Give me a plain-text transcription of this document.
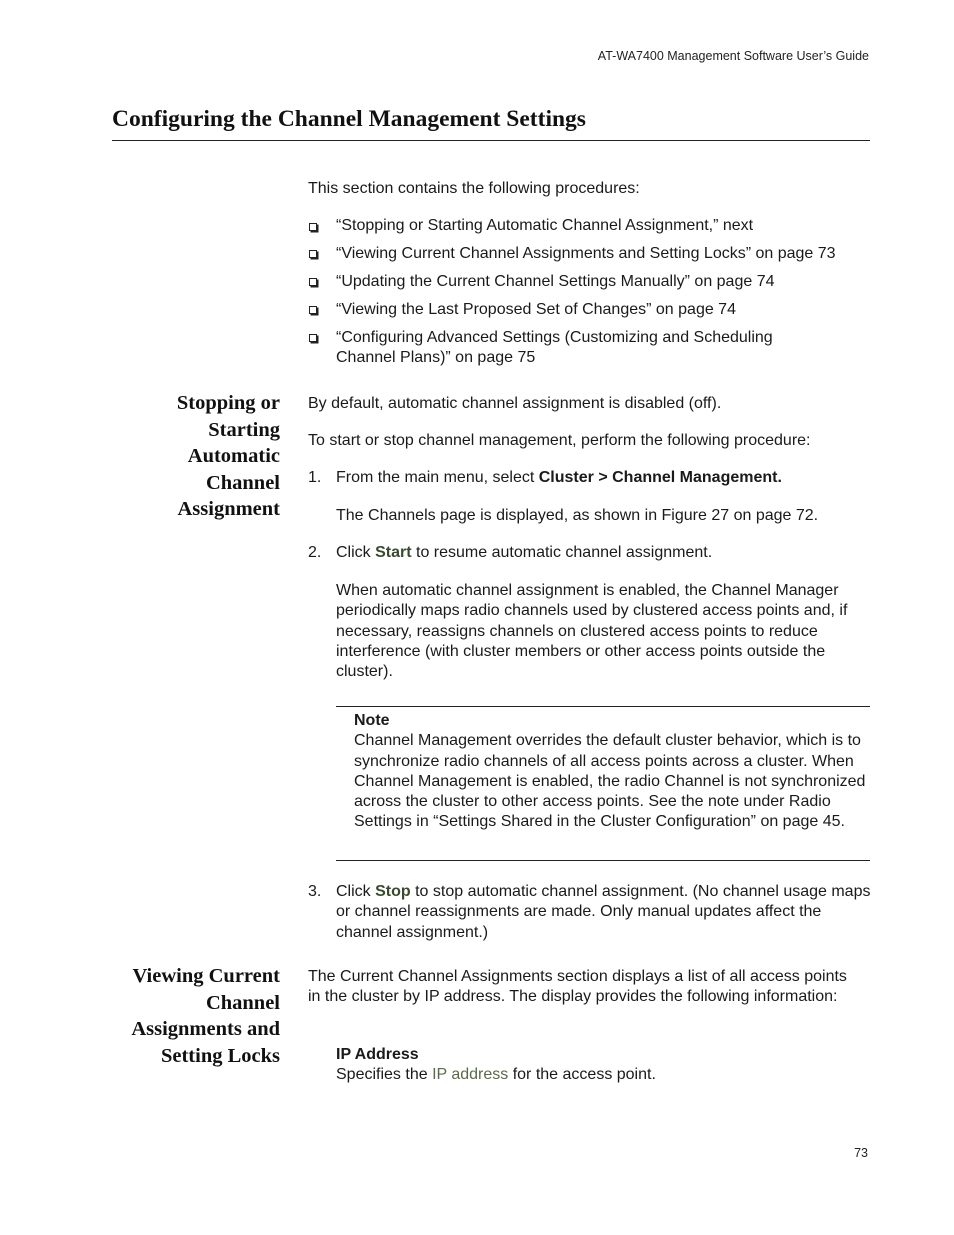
AT-WA7400 Management Software User’s Guide
Configuring the Channel Management Settings
This section contains the following procedures:
“Stopping or Starting Automatic Channel Assignment,” next
“Viewing Current Channel Assignments and Setting Locks” on page 73
“Updating the Current Channel Settings Manually” on page 74
“Viewing the Last Proposed Set of Changes” on page 74
“Configuring Advanced Settings (Customizing and Scheduling Channel Plans)” on page 75
Stopping or
Starting
Automatic
Channel
Assignment
By default, automatic channel assignment is disabled (off).
To start or stop channel management, perform the following procedure:
1. From the main menu, select Cluster > Channel Management.
The Channels page is displayed, as shown in Figure 27 on page 72.
2. Click Start to resume automatic channel assignment.
When automatic channel assignment is enabled, the Channel Manager periodically maps radio channels used by clustered access points and, if necessary, reassigns channels on clustered access points to reduce interference (with cluster members or other access points outside the cluster).
Note
Channel Management overrides the default cluster behavior, which is to synchronize radio channels of all access points across a cluster. When Channel Management is enabled, the radio Channel is not synchronized across the cluster to other access points. See the note under Radio Settings in “Settings Shared in the Cluster Configuration” on page 45.
3. Click Stop to stop automatic channel assignment. (No channel usage maps or channel reassignments are made. Only manual updates affect the channel assignment.)
Viewing Current
Channel
Assignments and
Setting Locks
The Current Channel Assignments section displays a list of all access points in the cluster by IP address. The display provides the following information:
IP Address
Specifies the IP address for the access point.
73
